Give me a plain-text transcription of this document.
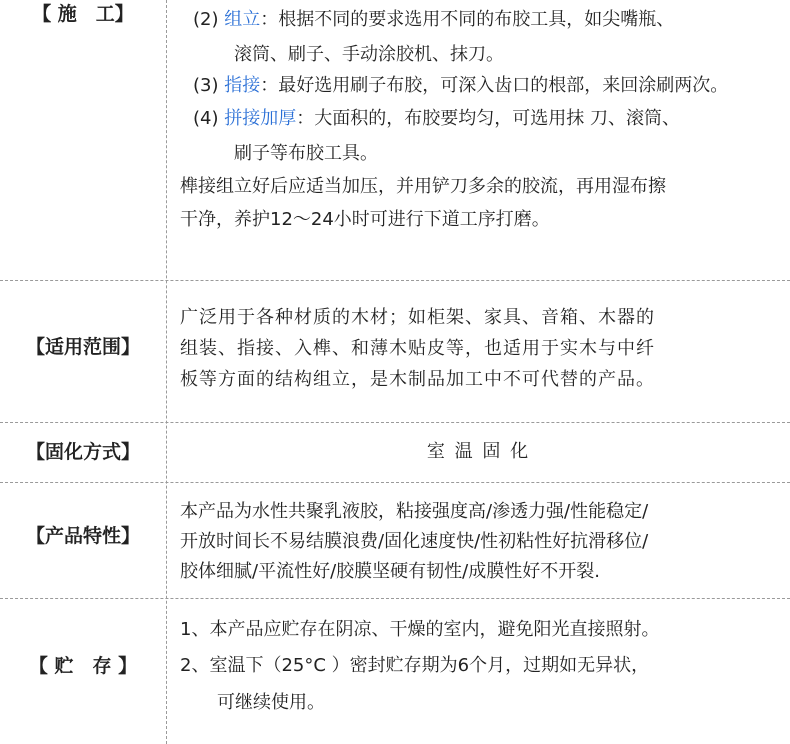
【 施　工】	(2) 组立：根据不同的要求选用不同的布胶工具，如尖嘴瓶、
滚筒、刷子、手动涂胶机、抹刀。
(3) 指接：最好选用刷子布胶，可深入齿口的根部，来回涂刷两次。
(4) 拼接加厚：大面积的，布胶要均匀，可选用抹 刀、滚筒、
刷子等布胶工具。
榫接组立好后应适当加压，并用铲刀多余的胶流，再用湿布擦
干净，养护12～24小时可进行下道工序打磨。
【适用范围】
广泛用于各种材质的木材；如柜架、家具、音箱、木器的
组装、指接、入榫、和薄木贴皮等，也适用于实木与中纤
板等方面的结构组立，是木制品加工中不可代替的产品。
【固化方式】	室 温 固 化
【产品特性】
本产品为水性共聚乳液胶，粘接强度高/渗透力强/性能稳定/
开放时间长不易结膜浪费/固化速度快/性初粘性好抗滑移位/
胶体细腻/平流性好/胶膜坚硬有韧性/成膜性好不开裂.
【 贮　存 】
1、本产品应贮存在阴凉、干燥的室内，避免阳光直接照射。
2、室温下（25°C ）密封贮存期为6个月，过期如无异状，
可继续使用。
